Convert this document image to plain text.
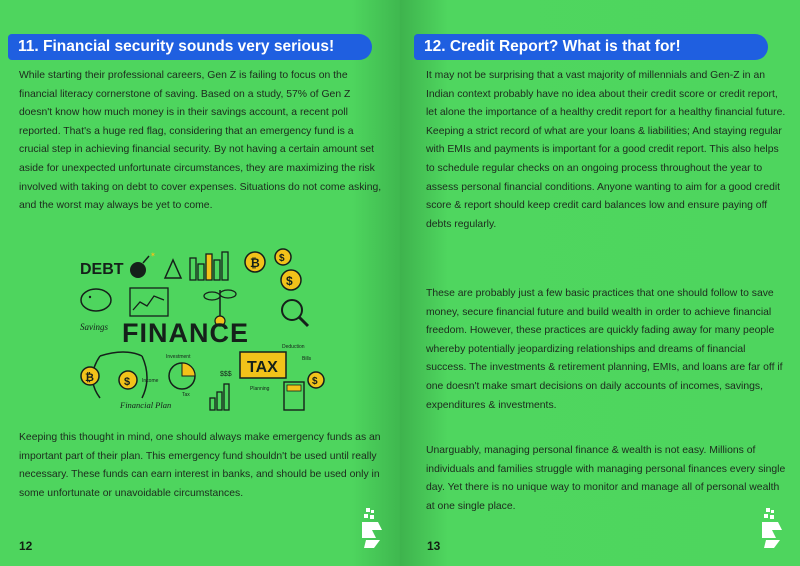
11. Financial security sounds very serious!

While starting their professional careers, Gen Z is failing to focus on the financial literacy cornerstone of saving. Based on a study, 57% of Gen Z doesn't know how much money is in their savings account, a recent poll reported. That's a huge red flag, considering that an emergency fund is a crucial step in achieving financial security. By not having a certain amount set aside for unexpected unfortunate circumstances, they are maximizing the risk involved with taking on debt to cover expenses. Situations do not come asking, and the worst may always be yet to come.

DEBT
✶
₿ $
$
Savings FINANCE
₿	$ Income
Financial Plan
Investment
Tax
TAX
Deduction
Bills
$$$
Planning
$

Keeping this thought in mind, one should always make emergency funds as an important part of their plan. This emergency fund shouldn't be used until really necessary. These funds can earn interest in banks, and should be used only in some unfortunate or unavoidable circumstances.

12
12. Credit Report? What is that for!

It may not be surprising that a vast majority of millennials and Gen-Z in an Indian context probably have no idea about their credit score or credit report, let alone the importance of a healthy credit report for a healthy financial future. Keeping a strict record of what are your loans & liabilities; And staying regular with EMIs and payments is important for a good credit report. This also helps to schedule regular checks on an ongoing process throughout the year to assess personal financial conditions. Anyone wanting to aim for a good credit score & report should keep credit card balances low and ensure paying off debts regularly.

These are probably just a few basic practices that one should follow to save money, secure financial future and build wealth in order to achieve financial freedom. However, these practices are quickly fading away for many people whereby potentially jeopardizing relationships and dreams of financial success. The investments & retirement planning, EMIs, and loans are far off if one doesn't make smart decisions on daily accounts of incomes, savings, expenditures & investments.

Unarguably, managing personal finance & wealth is not easy. Millions of individuals and families struggle with managing personal finances every single day. Yet there is no unique way to monitor and manage all of personal wealth at one single place.

13
